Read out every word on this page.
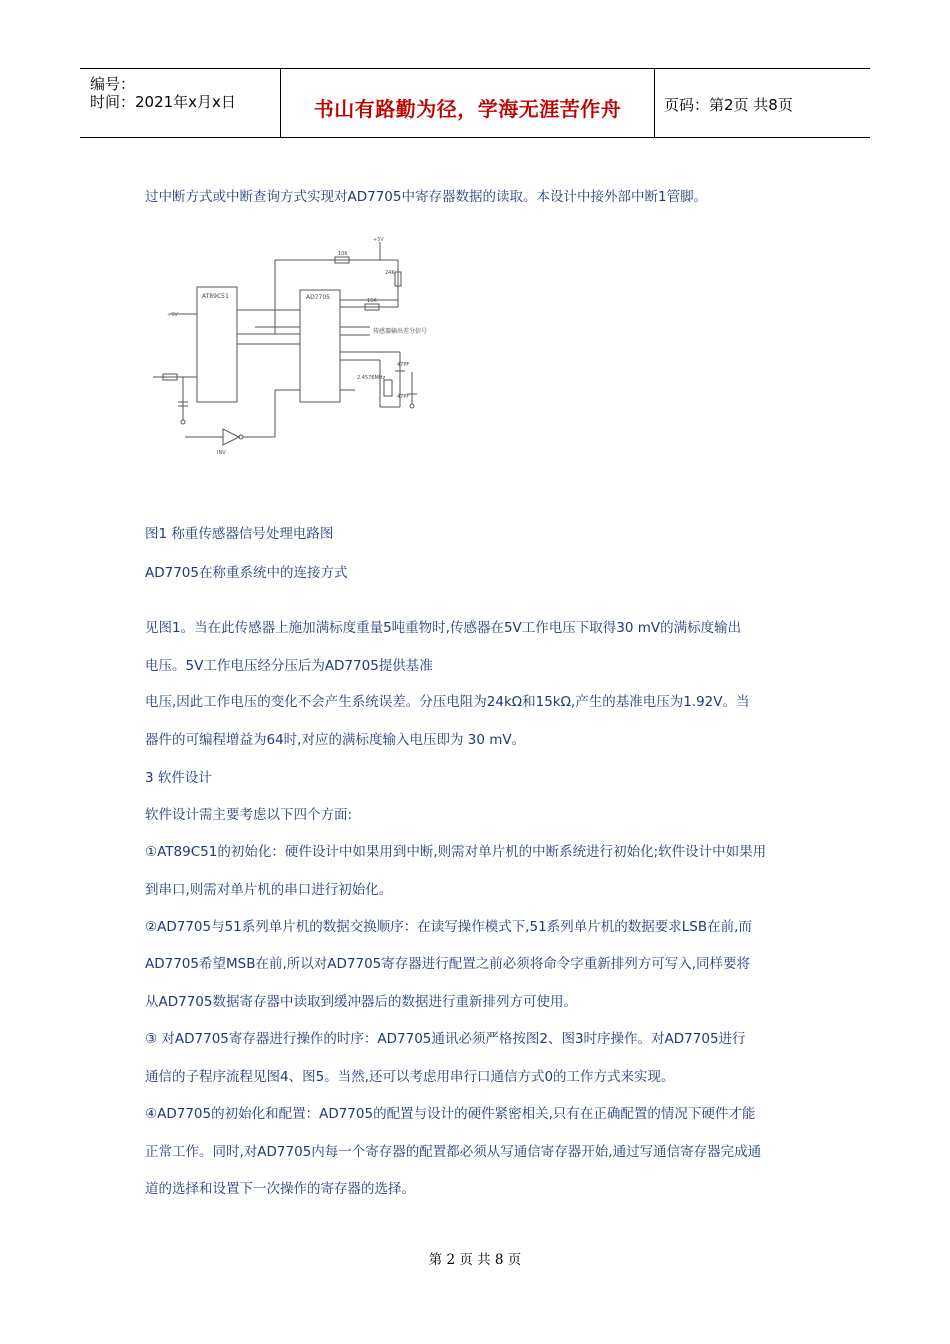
编号：
时间：2021年x月x日	书山有路勤为径，学海无涯苦作舟	页码：第2页 共8页
过中断方式或中断查询方式实现对AD7705中寄存器数据的读取。本设计中接外部中断1管脚。
AT89C51	AD7705
+5V
10K
+5V
24K
15K
传感器输出差分信号
2.4576MHz
47PF
47PF
INV
图1 称重传感器信号处理电路图
AD7705在称重系统中的连接方式
见图1。当在此传感器上施加满标度重量5吨重物时,传感器在5V工作电压下取得30 mV的满标度输出
电压。5V工作电压经分压后为AD7705提供基准
电压,因此工作电压的变化不会产生系统误差。分压电阻为24kΩ和15kΩ,产生的基准电压为1.92V。当
器件的可编程增益为64时,对应的满标度输入电压即为 30 mV。
3 软件设计
软件设计需主要考虑以下四个方面:
①AT89C51的初始化：硬件设计中如果用到中断,则需对单片机的中断系统进行初始化;软件设计中如果用
到串口,则需对单片机的串口进行初始化。
②AD7705与51系列单片机的数据交换顺序：在读写操作模式下,51系列单片机的数据要求LSB在前,而
AD7705希望MSB在前,所以对AD7705寄存器进行配置之前必须将命令字重新排列方可写入,同样要将
从AD7705数据寄存器中读取到缓冲器后的数据进行重新排列方可使用。
③ 对AD7705寄存器进行操作的时序：AD7705通讯必须严格按图2、图3时序操作。对AD7705进行
通信的子程序流程见图4、图5。当然,还可以考虑用串行口通信方式0的工作方式来实现。
④AD7705的初始化和配置：AD7705的配置与设计的硬件紧密相关,只有在正确配置的情况下硬件才能
正常工作。同时,对AD7705内每一个寄存器的配置都必须从写通信寄存器开始,通过写通信寄存器完成通
道的选择和设置下一次操作的寄存器的选择。
第 2 页 共 8 页
